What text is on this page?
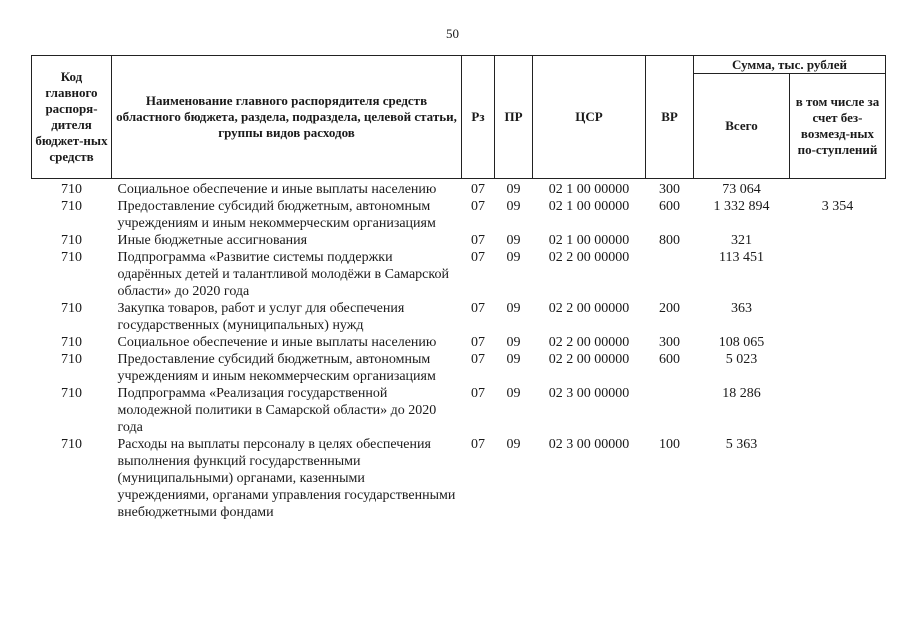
50
Код главного распоря-дителя бюджет-ных средств	Наименование главного распорядителя средств областного бюджета, раздела, подраздела, целевой статьи, группы видов расходов	Рз	ПР	ЦСР	ВР	Сумма, тыс. рублей	
						Всего	в том числе за счет без-возмезд-ных по-ступлений
710	Социальное обеспечение и иные выплаты населению	07	09	02 1 00 00000	300	73 064	
710	Предоставление субсидий бюджетным, автономным учреждениям и иным некоммерческим организациям	07	09	02 1 00 00000	600	1 332 894	3 354
710	Иные бюджетные ассигнования	07	09	02 1 00 00000	800	321	
710	Подпрограмма «Развитие системы поддержки одарённых детей и талантливой молодёжи в Самарской области» до 2020 года	07	09	02 2 00 00000		113 451	
710	Закупка товаров, работ и услуг для обеспечения государственных (муниципальных) нужд	07	09	02 2 00 00000	200	363	
710	Социальное обеспечение и иные выплаты населению	07	09	02 2 00 00000	300	108 065	
710	Предоставление субсидий бюджетным, автономным учреждениям и иным некоммерческим организациям	07	09	02 2 00 00000	600	5 023	
710	Подпрограмма «Реализация государственной молодежной политики в Самарской области» до 2020 года	07	09	02 3 00 00000		18 286	
710	Расходы на выплаты персоналу в целях обеспечения выполнения функций государственными (муниципальными) органами, казенными учреждениями, органами управления государственными внебюджетными фондами	07	09	02 3 00 00000	100	5 363	
